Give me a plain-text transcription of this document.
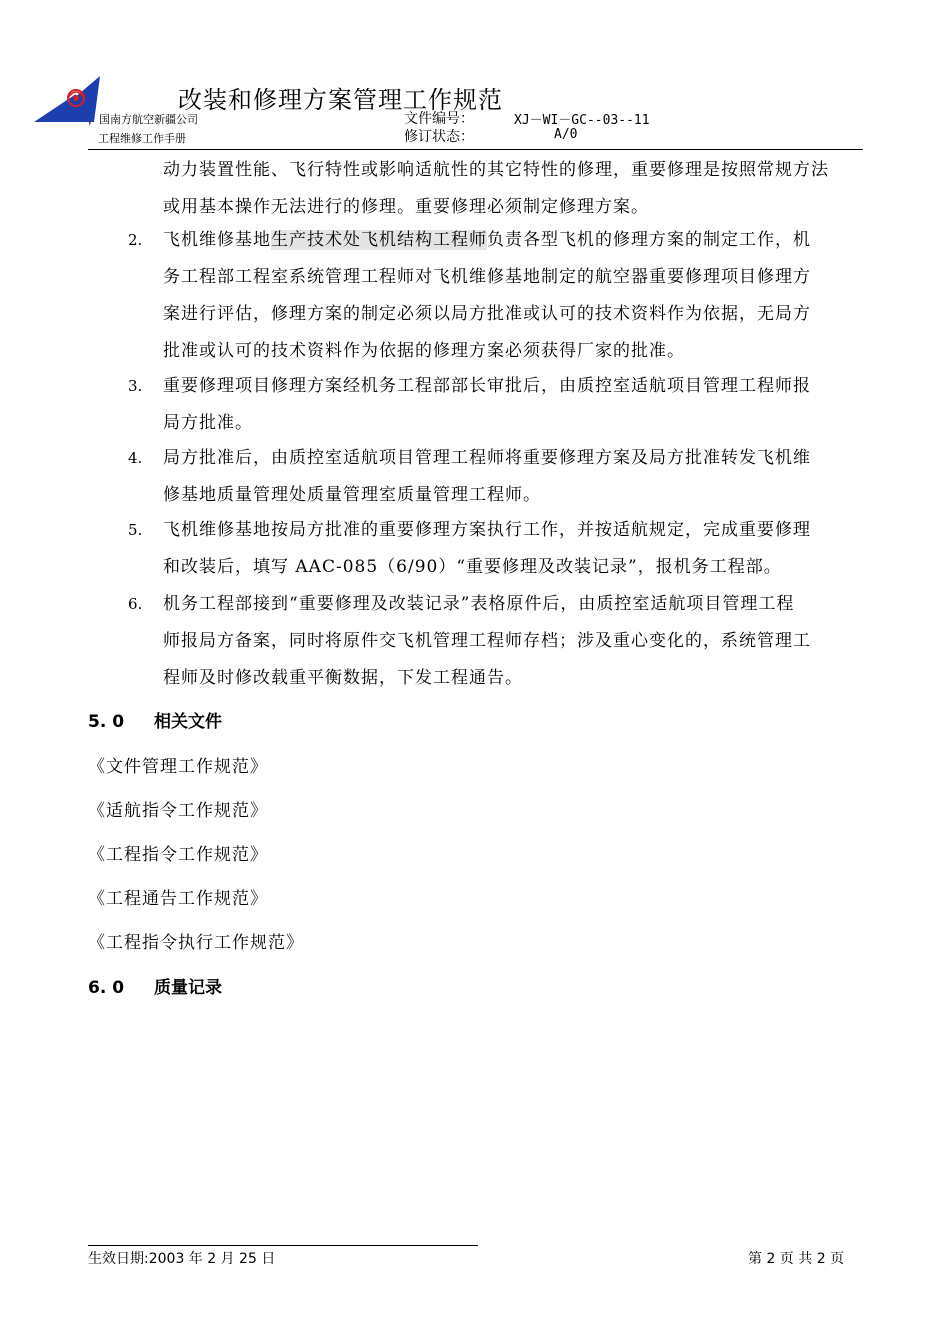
改装和修理方案管理工作规范
，国南方航空新疆公司
工程维修工作手册
文件编号：	XJ－WI－GC--03--11
修订状态：	A/0

动力装置性能、飞行特性或影响适航性的其它特性的修理，重要修理是按照常规方法

或用基本操作无法进行的修理。重要修理必须制定修理方案。

2. 飞机维修基地生产技术处飞机结构工程师负责各型飞机的修理方案的制定工作，机

务工程部工程室系统管理工程师对飞机维修基地制定的航空器重要修理项目修理方

案进行评估，修理方案的制定必须以局方批准或认可的技术资料作为依据，无局方

批准或认可的技术资料作为依据的修理方案必须获得厂家的批准。

3. 重要修理项目修理方案经机务工程部部长审批后，由质控室适航项目管理工程师报

局方批准。

4. 局方批准后，由质控室适航项目管理工程师将重要修理方案及局方批准转发飞机维

修基地质量管理处质量管理室质量管理工程师。

5. 飞机维修基地按局方批准的重要修理方案执行工作，并按适航规定，完成重要修理

和改装后，填写 AAC-085（6/90）“重要修理及改装记录”，报机务工程部。

6. 机务工程部接到“重要修理及改装记录”表格原件后，由质控室适航项目管理工程

师报局方备案，同时将原件交飞机管理工程师存档；涉及重心变化的，系统管理工

程师及时修改载重平衡数据，下发工程通告。

5. 0 相关文件
《文件管理工作规范》
《适航指令工作规范》
《工程指令工作规范》
《工程通告工作规范》
《工程指令执行工作规范》
6. 0 质量记录
生效日期:2003 年 2 月 25 日	第 2 页 共 2 页
